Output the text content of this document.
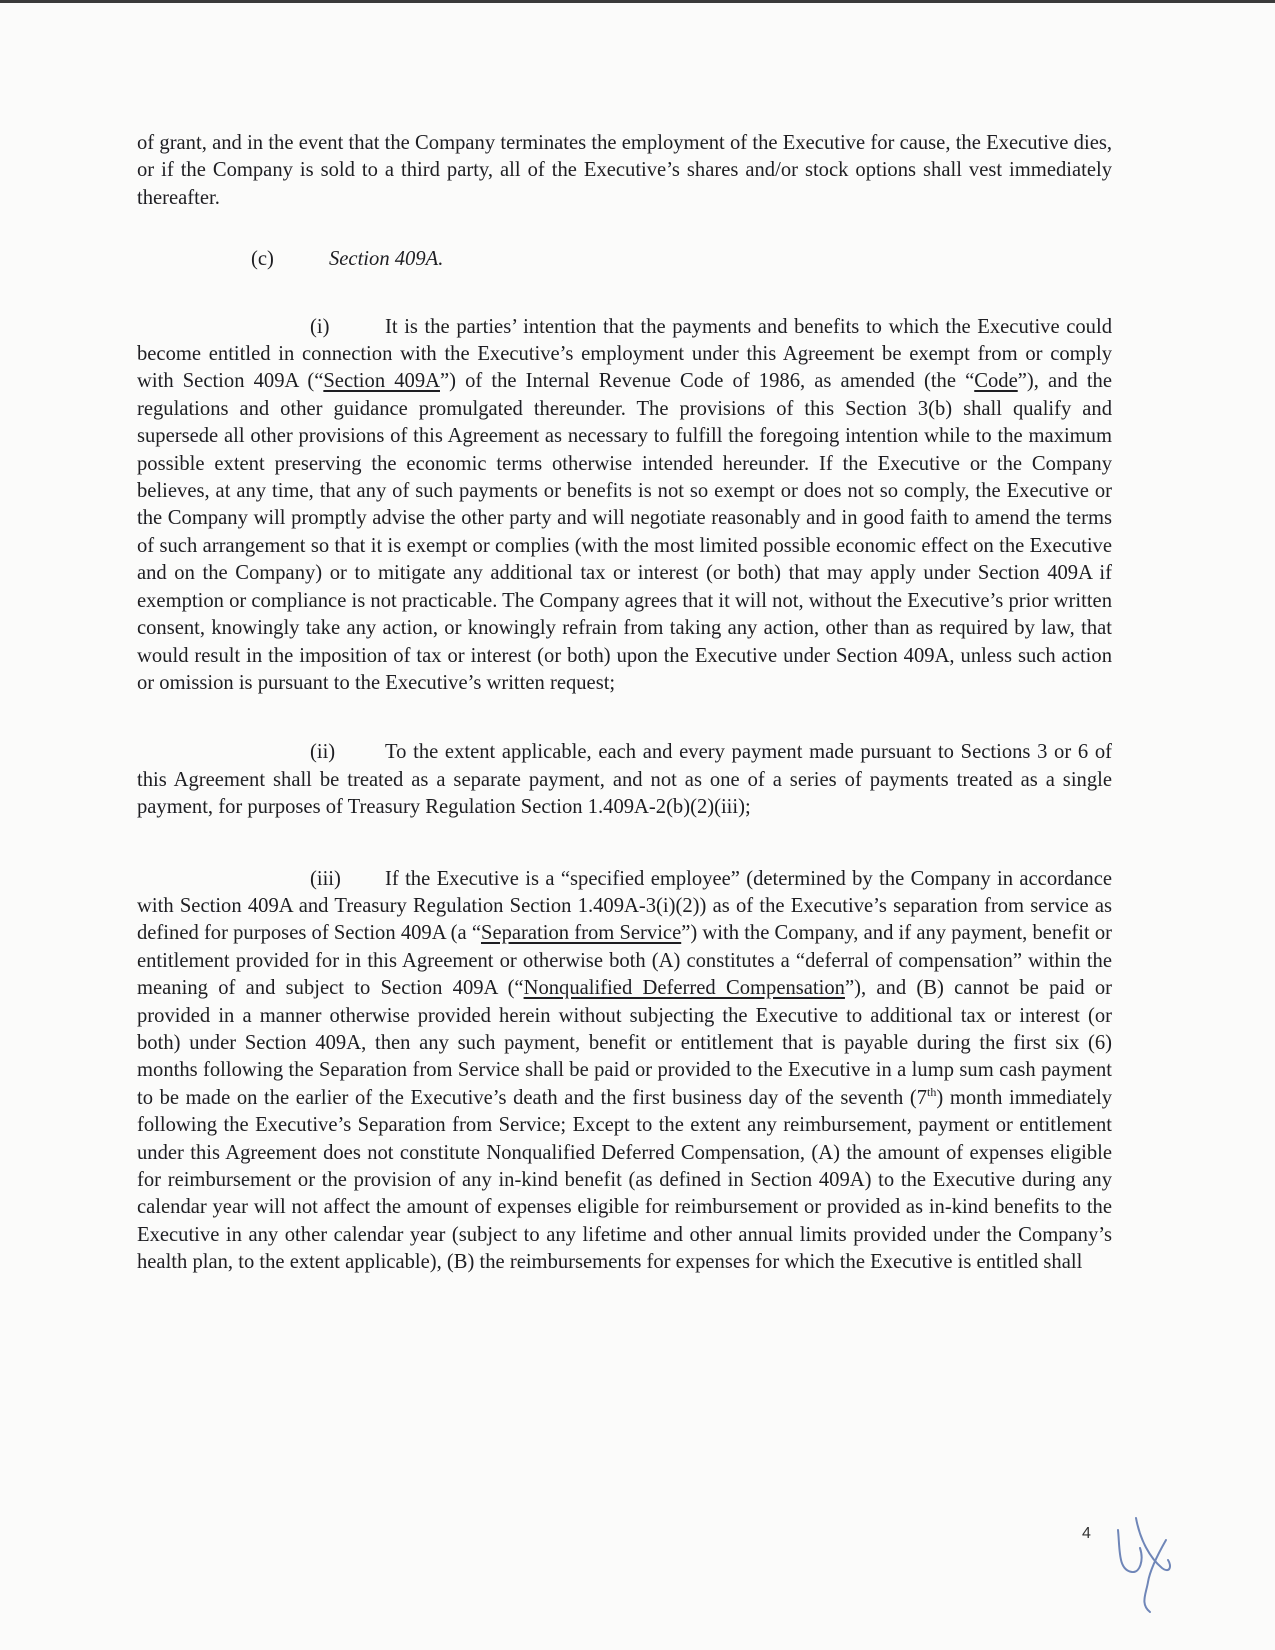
of grant, and in the event that the Company terminates the employment of the Executive for cause, the Executive dies, or if the Company is sold to a third party, all of the Executive’s shares and/or stock options shall vest immediately thereafter.

(c)	Section 409A.

(i)	It is the parties’ intention that the payments and benefits to which the Executive could become entitled in connection with the Executive’s employment under this Agreement be exempt from or comply with Section 409A (“Section 409A”) of the Internal Revenue Code of 1986, as amended (the “Code”), and the regulations and other guidance promulgated thereunder. The provisions of this Section 3(b) shall qualify and supersede all other provisions of this Agreement as necessary to fulfill the foregoing intention while to the maximum possible extent preserving the economic terms otherwise intended hereunder. If the Executive or the Company believes, at any time, that any of such payments or benefits is not so exempt or does not so comply, the Executive or the Company will promptly advise the other party and will negotiate reasonably and in good faith to amend the terms of such arrangement so that it is exempt or complies (with the most limited possible economic effect on the Executive and on the Company) or to mitigate any additional tax or interest (or both) that may apply under Section 409A if exemption or compliance is not practicable. The Company agrees that it will not, without the Executive’s prior written consent, knowingly take any action, or knowingly refrain from taking any action, other than as required by law, that would result in the imposition of tax or interest (or both) upon the Executive under Section 409A, unless such action or omission is pursuant to the Executive’s written request;

(ii) To the extent applicable, each and every payment made pursuant to Sections 3 or 6 of this Agreement shall be treated as a separate payment, and not as one of a series of payments treated as a single payment, for purposes of Treasury Regulation Section 1.409A-2(b)(2)(iii);

(iii) If the Executive is a “specified employee” (determined by the Company in accordance with Section 409A and Treasury Regulation Section 1.409A-3(i)(2)) as of the Executive’s separation from service as defined for purposes of Section 409A (a “Separation from Service”) with the Company, and if any payment, benefit or entitlement provided for in this Agreement or otherwise both (A) constitutes a “deferral of compensation” within the meaning of and subject to Section 409A (“Nonqualified Deferred Compensation”), and (B) cannot be paid or provided in a manner otherwise provided herein without subjecting the Executive to additional tax or interest (or both) under Section 409A, then any such payment, benefit or entitlement that is payable during the first six (6) months following the Separation from Service shall be paid or provided to the Executive in a lump sum cash payment to be made on the earlier of the Executive’s death and the first business day of the seventh (7th) month immediately following the Executive’s Separation from Service; Except to the extent any reimbursement, payment or entitlement under this Agreement does not constitute Nonqualified Deferred Compensation, (A) the amount of expenses eligible for reimbursement or the provision of any in-kind benefit (as defined in Section 409A) to the Executive during any calendar year will not affect the amount of expenses eligible for reimbursement or provided as in-kind benefits to the Executive in any other calendar year (subject to any lifetime and other annual limits provided under the Company’s health plan, to the extent applicable), (B) the reimbursements for expenses for which the Executive is entitled shall

4
